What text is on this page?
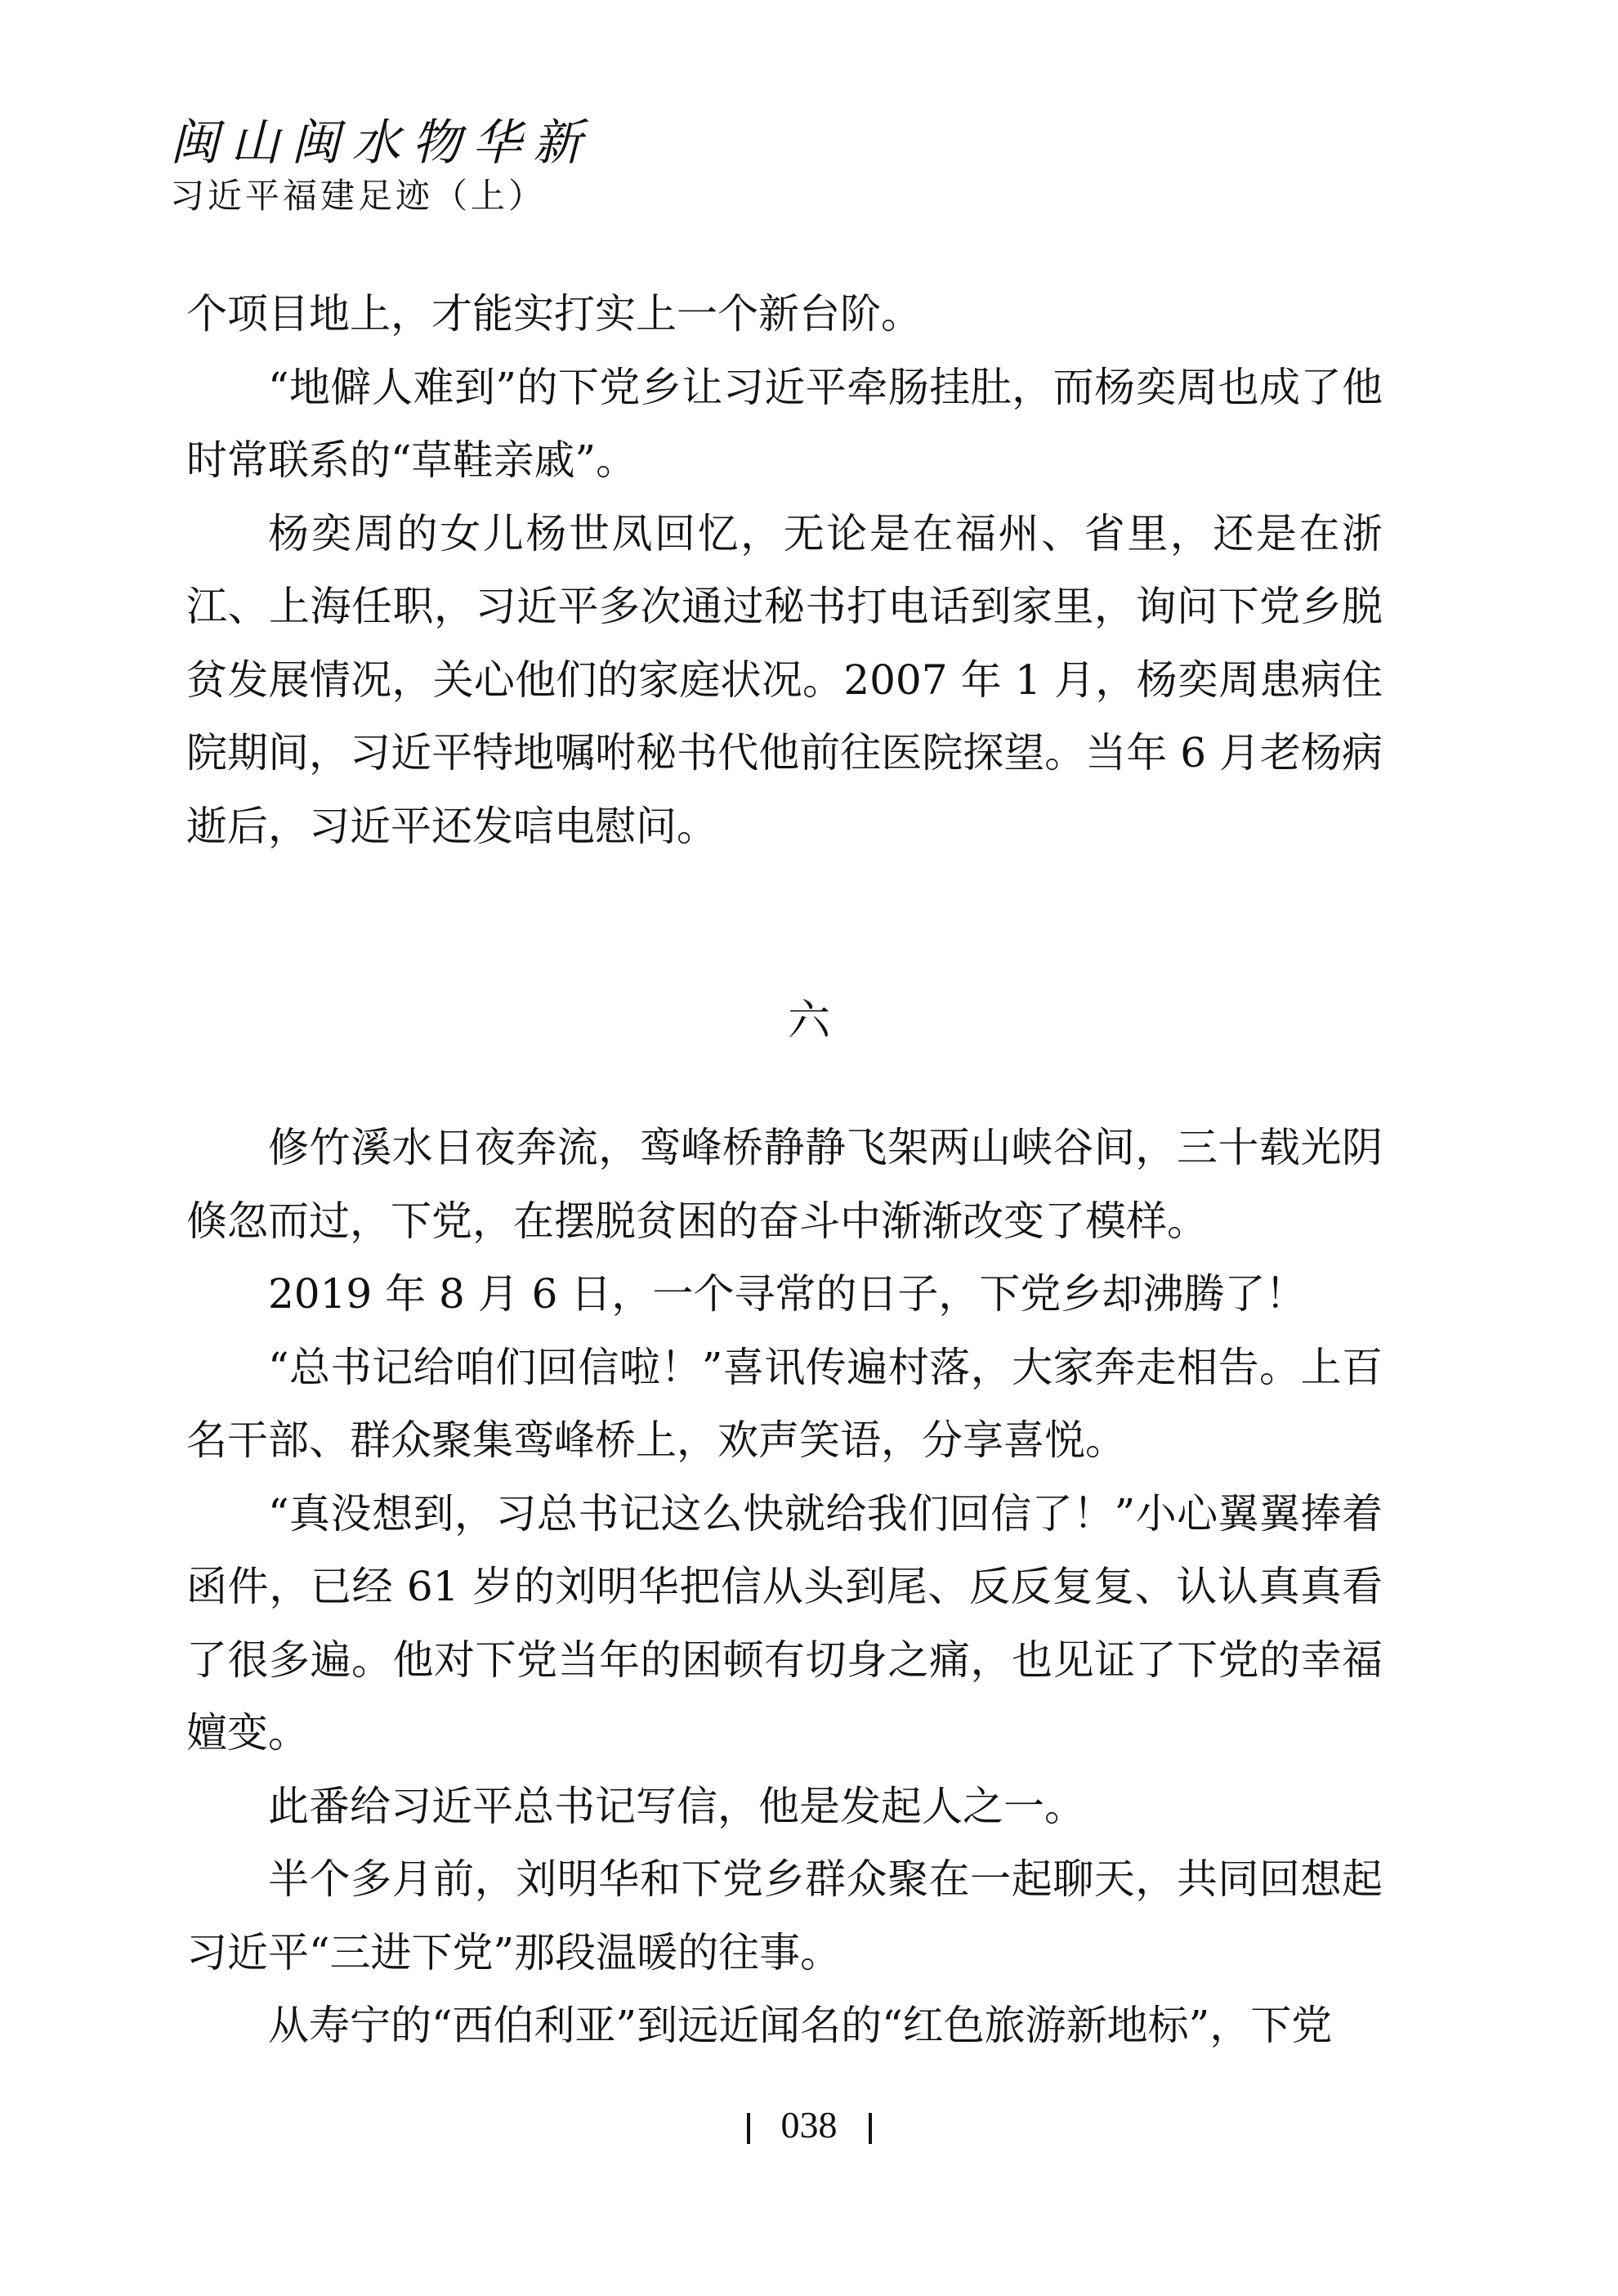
闽山闽水物华新
习近平福建足迹（上）

个项目地上，才能实打实上一个新台阶。

“地僻人难到”的下党乡让习近平牵肠挂肚，而杨奕周也成了他时常联系的“草鞋亲戚”。

杨奕周的女儿杨世凤回忆，无论是在福州、省里，还是在浙江、上海任职，习近平多次通过秘书打电话到家里，询问下党乡脱贫发展情况，关心他们的家庭状况。2007 年 1 月，杨奕周患病住院期间，习近平特地嘱咐秘书代他前往医院探望。当年 6 月老杨病逝后，习近平还发唁电慰问。

六

修竹溪水日夜奔流，鸾峰桥静静飞架两山峡谷间，三十载光阴倏忽而过，下党，在摆脱贫困的奋斗中渐渐改变了模样。

2019 年 8 月 6 日，一个寻常的日子，下党乡却沸腾了！

“总书记给咱们回信啦！”喜讯传遍村落，大家奔走相告。上百名干部、群众聚集鸾峰桥上，欢声笑语，分享喜悦。

“真没想到，习总书记这么快就给我们回信了！”小心翼翼捧着函件，已经 61 岁的刘明华把信从头到尾、反反复复、认认真真看了很多遍。他对下党当年的困顿有切身之痛，也见证了下党的幸福嬗变。

此番给习近平总书记写信，他是发起人之一。

半个多月前，刘明华和下党乡群众聚在一起聊天，共同回想起习近平“三进下党”那段温暖的往事。

从寿宁的“西伯利亚”到远近闻名的“红色旅游新地标”，下党

038
